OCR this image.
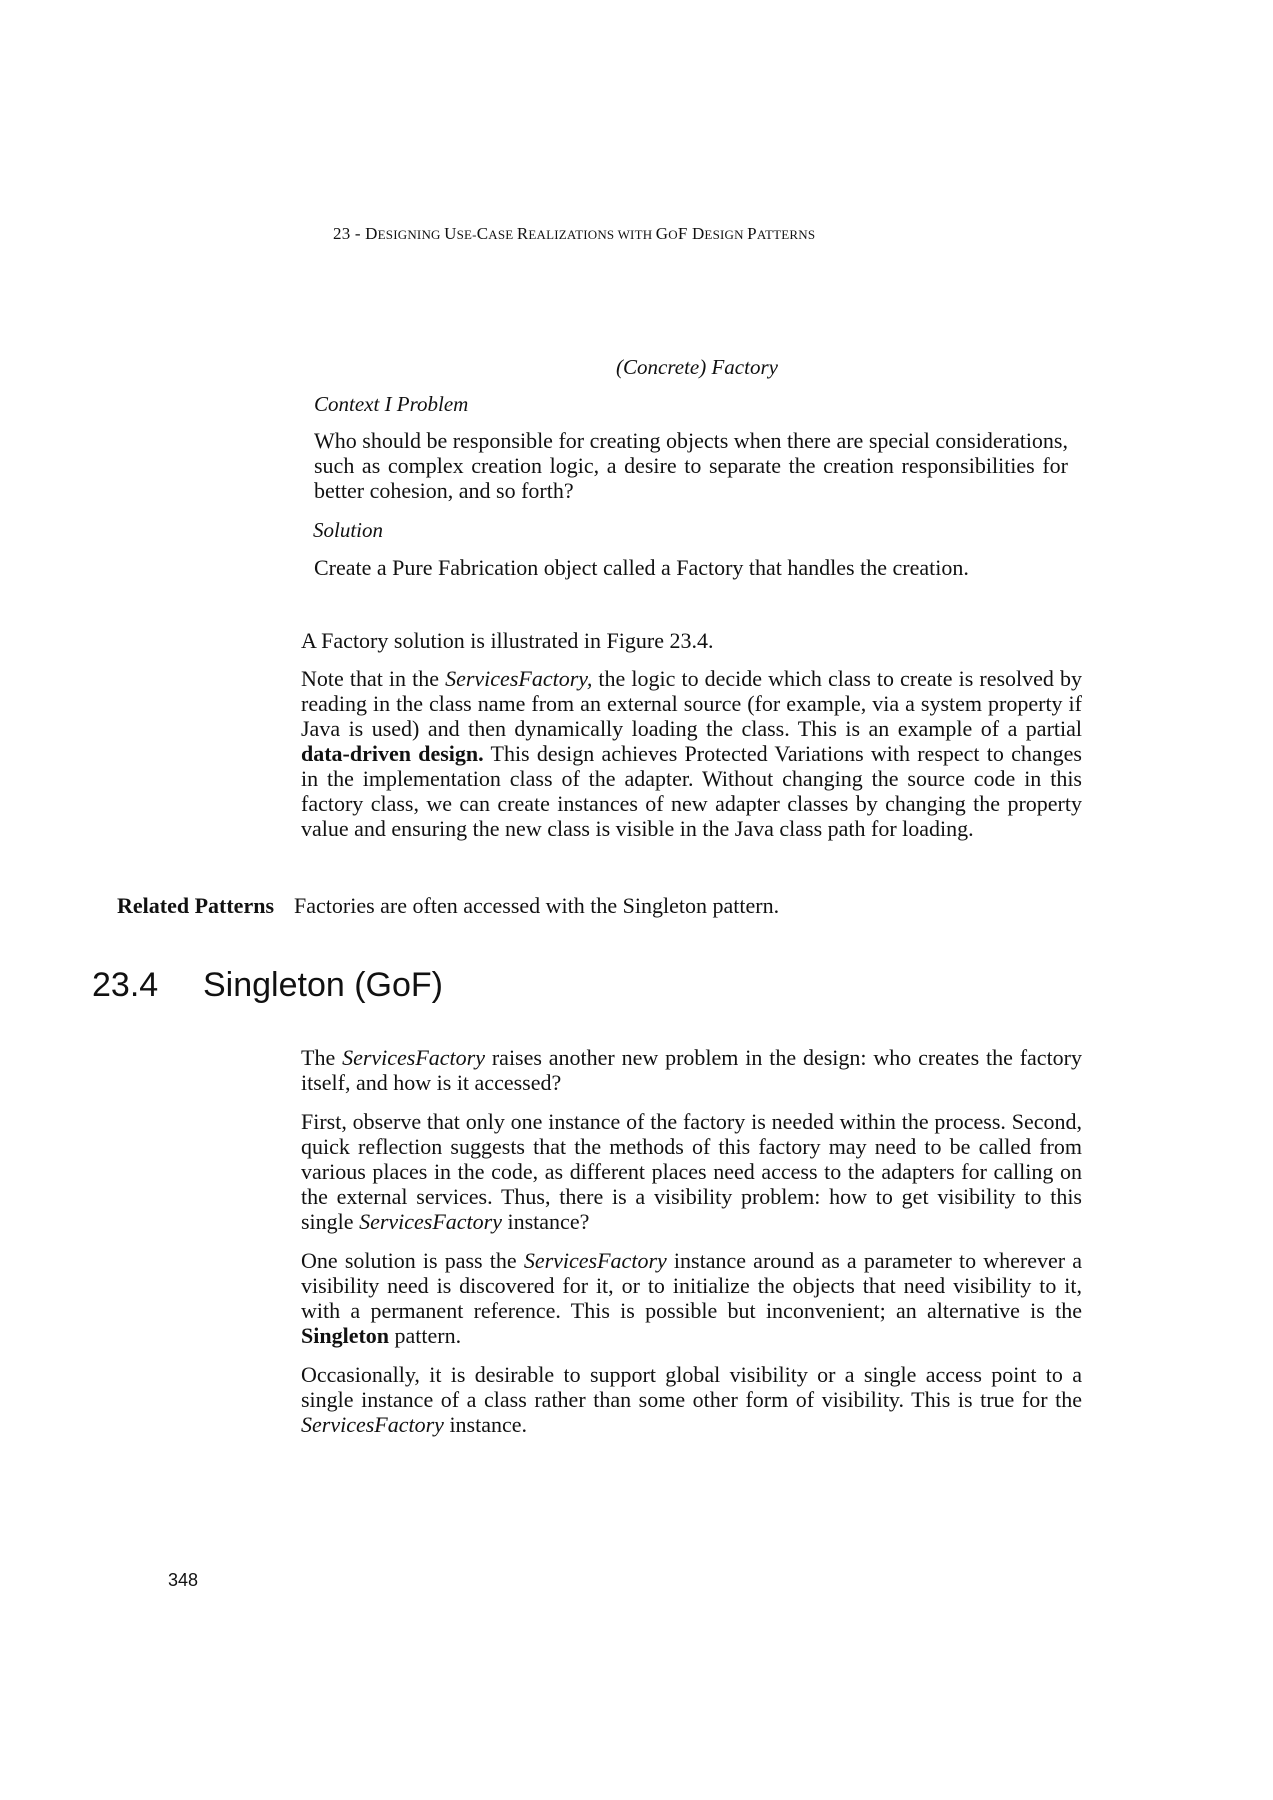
23 - DESIGNING USE-CASE REALIZATIONS WITH GOF DESIGN PATTERNS
(Concrete) Factory
Context I Problem

Who should be responsible for creating objects when there are special considerations, such as complex creation logic, a desire to separate the creation responsibilities for better cohesion, and so forth?

Solution

Create a Pure Fabrication object called a Factory that handles the creation.

A Factory solution is illustrated in Figure 23.4.

Note that in the ServicesFactory, the logic to decide which class to create is resolved by reading in the class name from an external source (for example, via a system property if Java is used) and then dynamically loading the class. This is an example of a partial data-driven design. This design achieves Protected Variations with respect to changes in the implementation class of the adapter. Without changing the source code in this factory class, we can create instances of new adapter classes by changing the property value and ensuring the new class is visible in the Java class path for loading.

Related Patterns Factories are often accessed with the Singleton pattern.
23.4 Singleton (GoF)

The ServicesFactory raises another new problem in the design: who creates the factory itself, and how is it accessed?

First, observe that only one instance of the factory is needed within the process. Second, quick reflection suggests that the methods of this factory may need to be called from various places in the code, as different places need access to the adapters for calling on the external services. Thus, there is a visibility problem: how to get visibility to this single ServicesFactory instance?

One solution is pass the ServicesFactory instance around as a parameter to wherever a visibility need is discovered for it, or to initialize the objects that need visibility to it, with a permanent reference. This is possible but inconvenient; an alternative is the Singleton pattern.

Occasionally, it is desirable to support global visibility or a single access point to a single instance of a class rather than some other form of visibility. This is true for the ServicesFactory instance.

348
